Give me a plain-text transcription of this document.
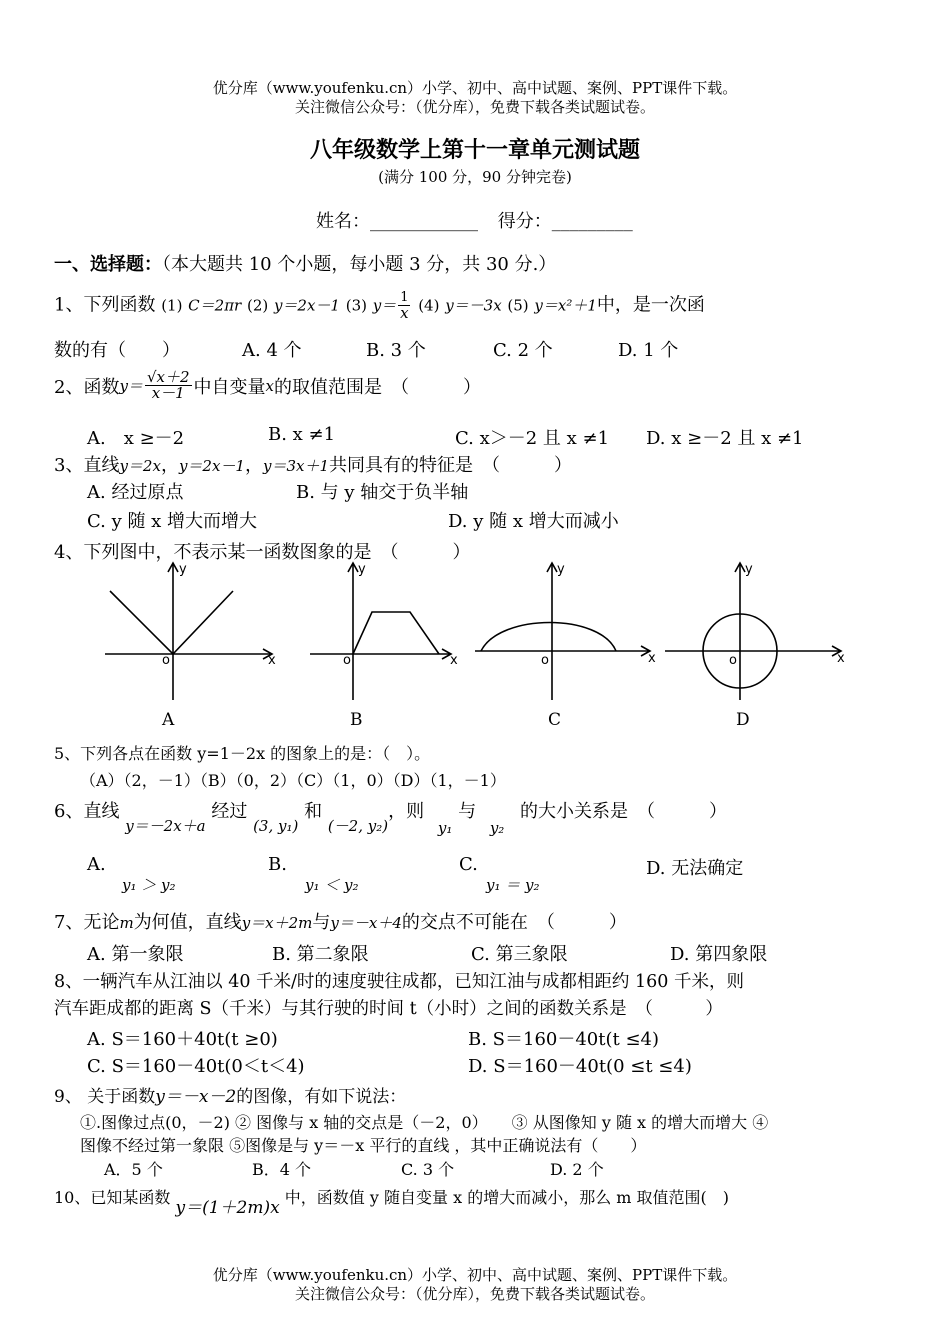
优分库（www.youfenku.cn）小学、初中、高中试题、案例、PPT课件下载。
关注微信公众号：（优分库），免费下载各类试题试卷。
八年级数学上第十一章单元测试题
(满分 100 分，90 分钟完卷)
姓名：____________ 得分：_________
一、选择题：（本大题共 10 个小题，每小题 3 分，共 30 分.）
1、下列函数 (1) C＝2πr (2) y＝2x－1 (3) $y= \frac{1}{x} (4)$ y＝－3x (5) y＝x²＋1中，是一次函
数的有（　　）	A. 4 个	B. 3 个	C. 2 个	D. 1 个
2、函数 $y= \frac{√x+2}{x-1}$ 中自变量 x 的取值范围是　（　　　）
A.　x ≥－2	B. x ≠1	C. x＞－2 且 x ≠1 D. x ≥－2 且 x ≠1
3、直线y＝2x，y＝2x－1，y＝3x＋1共同具有的特征是　（　　　）
A. 经过原点	B. 与 y 轴交于负半轴
C. y 随 x 增大而增大	D. y 随 x 增大而减小
4、下列图中，不表示某一函数图象的是　（　　　）
y
x
o
y
x
o
y
x
o
y
x
o
A	B	C	D
5、下列各点在函数 y=1－2x 的图象上的是：（　）。
（A）（2，－1）（B）（0，2）（C）（1，0）（D）（1，－1）
6、直线 $_{y=-2x+a}$ 经过 $_{(3, y_1)}$ 和 $_{(-2, y_2)}$，则 $_{y_1}$ 与 $_{y_2}$ 的大小关系是　（　　　）
A.
y₁ ＞ y₂
B.
y₁ ＜ y₂
C.
y₁ ＝ y₂
D. 无法确定
7、无论m为何值，直线y＝x＋2m与y＝－x＋4的交点不可能在　（　　　）
A. 第一象限	B. 第二象限	C. 第三象限	D. 第四象限
8、一辆汽车从江油以 40 千米/时的速度驶往成都，已知江油与成都相距约 160 千米，则
汽车距成都的距离 S（千米）与其行驶的时间 t（小时）之间的函数关系是　（　　　）
A. S＝160＋40t(t ≥0)	B. S＝160－40t(t ≤4)
C. S＝160－40t(0＜t＜4)	D. S＝160－40t(0 ≤t ≤4)
9、 关于函数y＝－x－2的图像，有如下说法：
①.图像过点(0，－2) ② 图像与 x 轴的交点是（－2，0）　　③ 从图像知 y 随 x 的增大而增大 ④
图像不经过第一象限 ⑤图像是与 y＝－x 平行的直线 ，其中正确说法有（　　）
A．5 个	B．4 个	C. 3 个	D. 2 个
10、已知某函数 y＝(1＋2m)x 中，函数值 y 随自变量 x 的增大而减小，那么 m 取值范围(　)
优分库（www.youfenku.cn）小学、初中、高中试题、案例、PPT课件下载。
关注微信公众号：（优分库），免费下载各类试题试卷。
